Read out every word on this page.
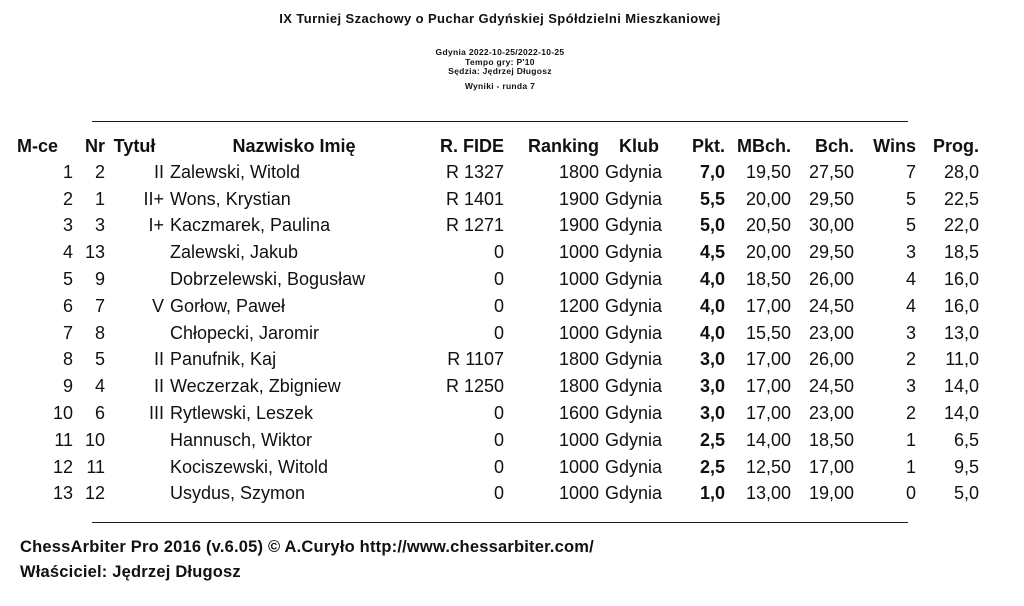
IX Turniej Szachowy o Puchar Gdyńskiej Spółdzielni Mieszkaniowej
Gdynia 2022-10-25/2022-10-25
Tempo gry: P'10
Sędzia: Jędrzej Długosz
Wyniki - runda 7
M-ce	Nr	Tytuł	Nazwisko Imię	R. FIDE	Ranking	Klub	Pkt.	MBch.	Bch.	Wins	Prog.
1	2	II	Zalewski, Witold	R 1327	1800	Gdynia	7,0	19,50	27,50	7	28,0
2	1	II+	Wons, Krystian	R 1401	1900	Gdynia	5,5	20,00	29,50	5	22,5
3	3	I+	Kaczmarek, Paulina	R 1271	1900	Gdynia	5,0	20,50	30,00	5	22,0
4	13		Zalewski, Jakub	0	1000	Gdynia	4,5	20,00	29,50	3	18,5
5	9		Dobrzelewski, Bogusław	0	1000	Gdynia	4,0	18,50	26,00	4	16,0
6	7	V	Gorłow, Paweł	0	1200	Gdynia	4,0	17,00	24,50	4	16,0
7	8		Chłopecki, Jaromir	0	1000	Gdynia	4,0	15,50	23,00	3	13,0
8	5	II	Panufnik, Kaj	R 1107	1800	Gdynia	3,0	17,00	26,00	2	11,0
9	4	II	Weczerzak, Zbigniew	R 1250	1800	Gdynia	3,0	17,00	24,50	3	14,0
10	6	III	Rytlewski, Leszek	0	1600	Gdynia	3,0	17,00	23,00	2	14,0
11	10		Hannusch, Wiktor	0	1000	Gdynia	2,5	14,00	18,50	1	6,5
12	11		Kociszewski, Witold	0	1000	Gdynia	2,5	12,50	17,00	1	9,5
13	12		Usydus, Szymon	0	1000	Gdynia	1,0	13,00	19,00	0	5,0
ChessArbiter Pro 2016 (v.6.05) © A.Curyło http://www.chessarbiter.com/
Właściciel: Jędrzej Długosz
